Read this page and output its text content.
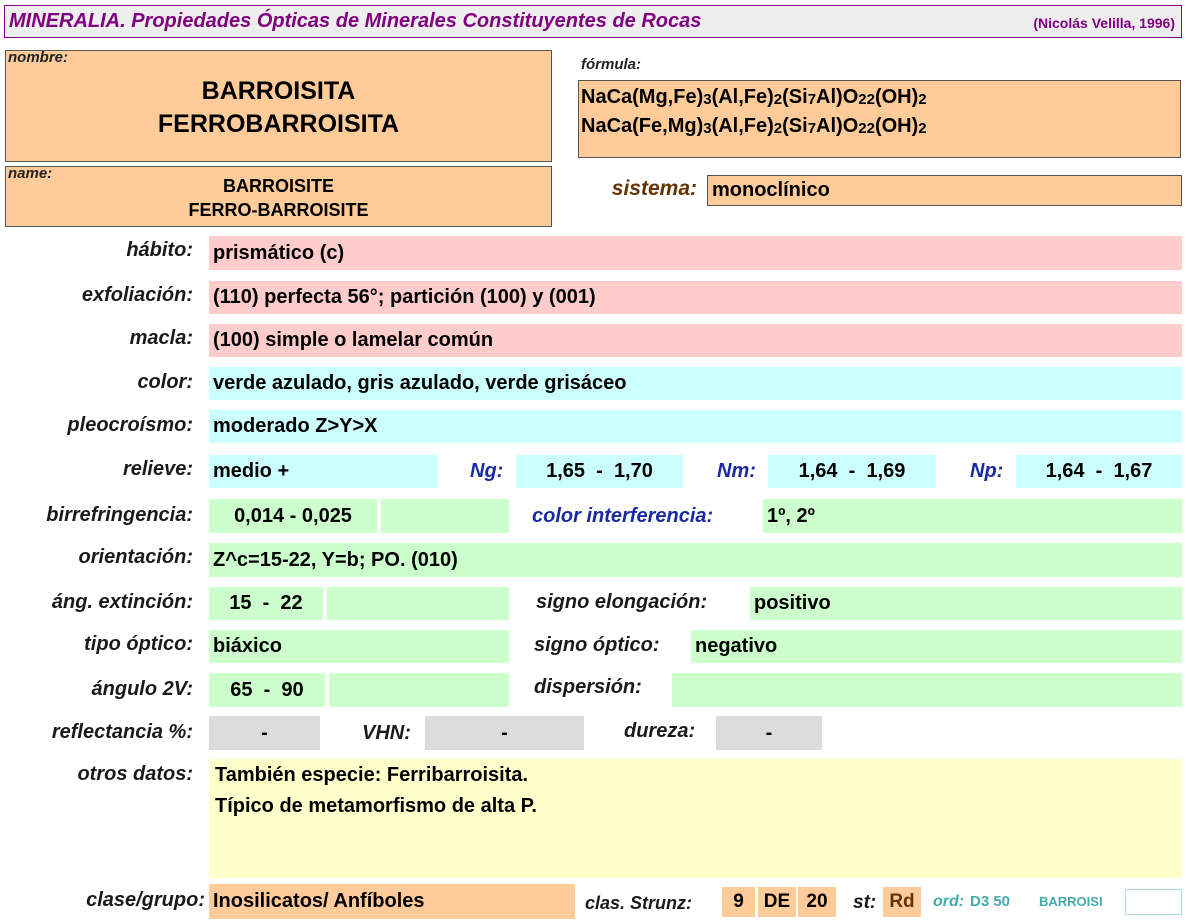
MINERALIA. Propiedades Ópticas de Minerales Constituyentes de Rocas	(Nicolás Velilla, 1996)
nombre:
BARROISITA
FERROBARROISITA
name:
BARROISITE
FERRO-BARROISITE
fórmula:
NaCa(Mg,Fe)3(Al,Fe)2(Si7Al)O22(OH)2
NaCa(Fe,Mg)3(Al,Fe)2(Si7Al)O22(OH)2
sistema: monoclínico
hábito: prismático (c)
exfoliación: (110) perfecta 56°; partición (100) y (001)
macla: (100) simple o lamelar común
color: verde azulado, gris azulado, verde grisáceo
pleocroísmo: moderado Z>Y>X
relieve: medio +	Ng:	1,65  -  1,70	Nm:	1,64  -  1,69	Np:	1,64  -  1,67
birrefringencia:	0,014 - 0,025	color interferencia:	1º, 2º
orientación: Z^c=15-22, Y=b; PO. (010)
áng. extinción:	15  -  22	signo elongación: positivo
tipo óptico: biáxico	signo óptico: negativo
ángulo 2V:	65  -  90	dispersión:
reflectancia %:	-	VHN:	-	dureza:	-
otros datos: También especie: Ferribarroisita.
Típico de metamorfismo de alta P.
clase/grupo: Inosilicatos/ Anfíboles	clas. Strunz:	9	DE 20	st: Rd	ord: D3 50 BARROISI
